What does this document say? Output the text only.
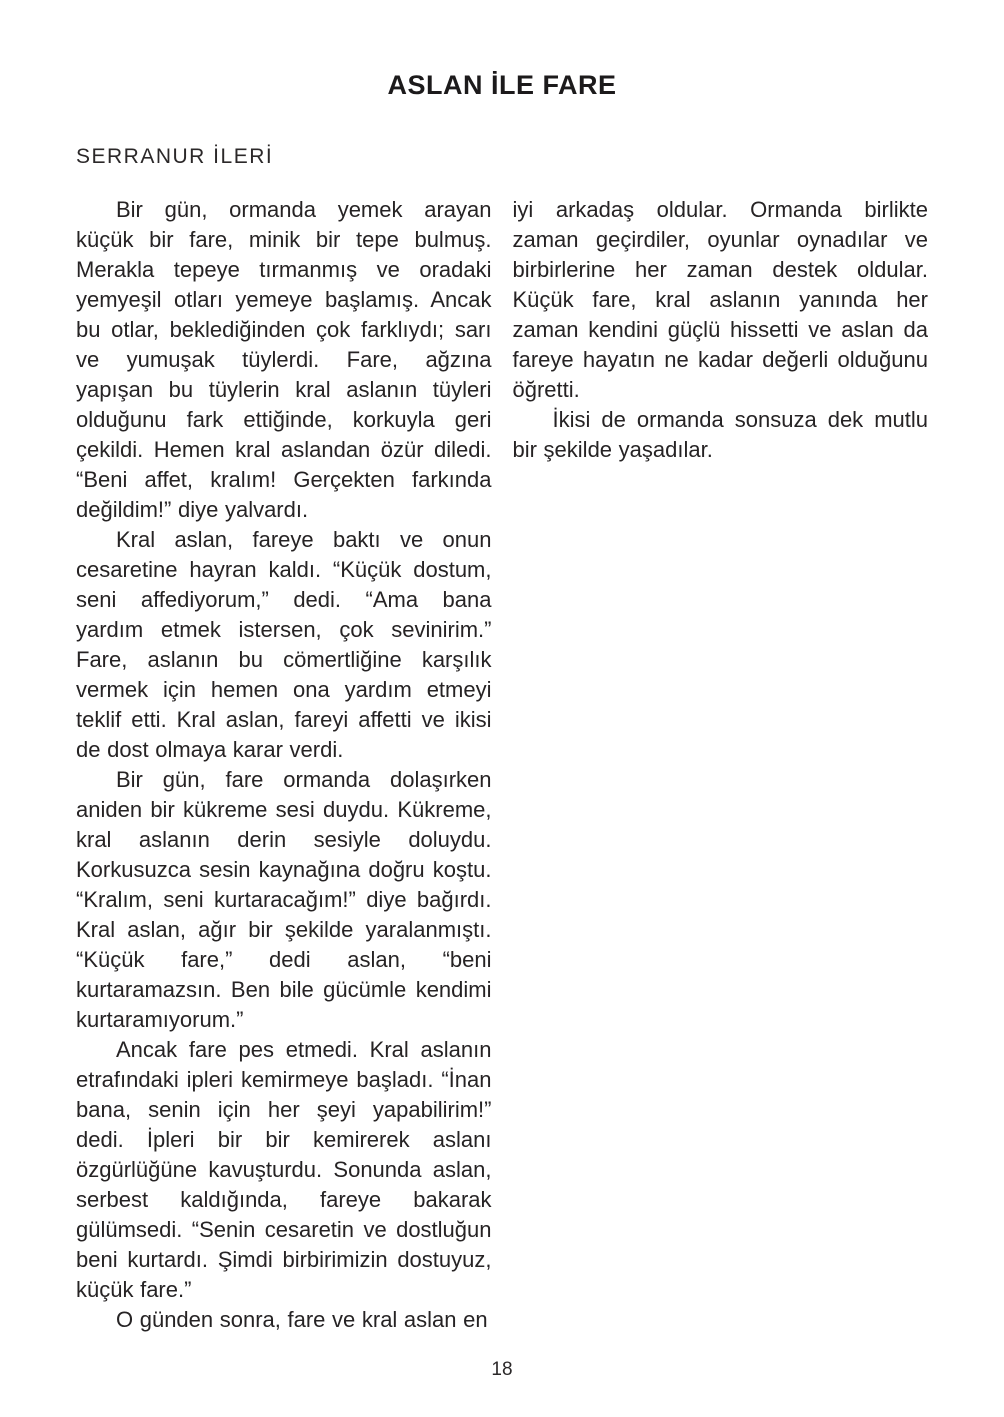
ASLAN İLE FARE
SERRANUR İLERİ

Bir gün, ormanda yemek arayan küçük bir fare, minik bir tepe bulmuş. Merakla tepeye tırmanmış ve oradaki yemyeşil otları yemeye başlamış. Ancak bu otlar, beklediğinden çok farklıydı; sarı ve yumuşak tüylerdi. Fare, ağzına yapışan bu tüylerin kral aslanın tüyleri olduğunu fark ettiğinde, korkuyla geri çekildi. Hemen kral aslandan özür diledi. “Beni affet, kralım! Gerçekten farkında değildim!” diye yalvardı.

Kral aslan, fareye baktı ve onun cesaretine hayran kaldı. “Küçük dostum, seni affediyorum,” dedi. “Ama bana yardım etmek istersen, çok sevinirim.” Fare, aslanın bu cömertliğine karşılık vermek için hemen ona yardım etmeyi teklif etti. Kral aslan, fareyi affetti ve ikisi de dost olmaya karar verdi.

Bir gün, fare ormanda dolaşırken aniden bir kükreme sesi duydu. Kükreme, kral aslanın derin sesiyle doluydu. Korkusuzca sesin kaynağına doğru koştu. “Kralım, seni kurtaracağım!” diye bağırdı. Kral aslan, ağır bir şekilde yaralanmıştı. “Küçük fare,” dedi aslan, “beni kurtaramazsın. Ben bile gücümle kendimi kurtaramıyorum.”

Ancak fare pes etmedi. Kral aslanın etrafındaki ipleri kemirmeye başladı. “İnan bana, senin için her şeyi yapabilirim!” dedi. İpleri bir bir kemirerek aslanı özgürlüğüne kavuşturdu. Sonunda aslan, serbest kaldığında, fareye bakarak gülümsedi. “Senin cesaretin ve dostluğun beni kurtardı. Şimdi birbirimizin dostuyuz, küçük fare.”

O günden sonra, fare ve kral aslan en

iyi arkadaş oldular. Ormanda birlikte zaman geçirdiler, oyunlar oynadılar ve birbirlerine her zaman destek oldular. Küçük fare, kral aslanın yanında her zaman kendini güçlü hissetti ve aslan da fareye hayatın ne kadar değerli olduğunu öğretti.

İkisi de ormanda sonsuza dek mutlu bir şekilde yaşadılar.

18
